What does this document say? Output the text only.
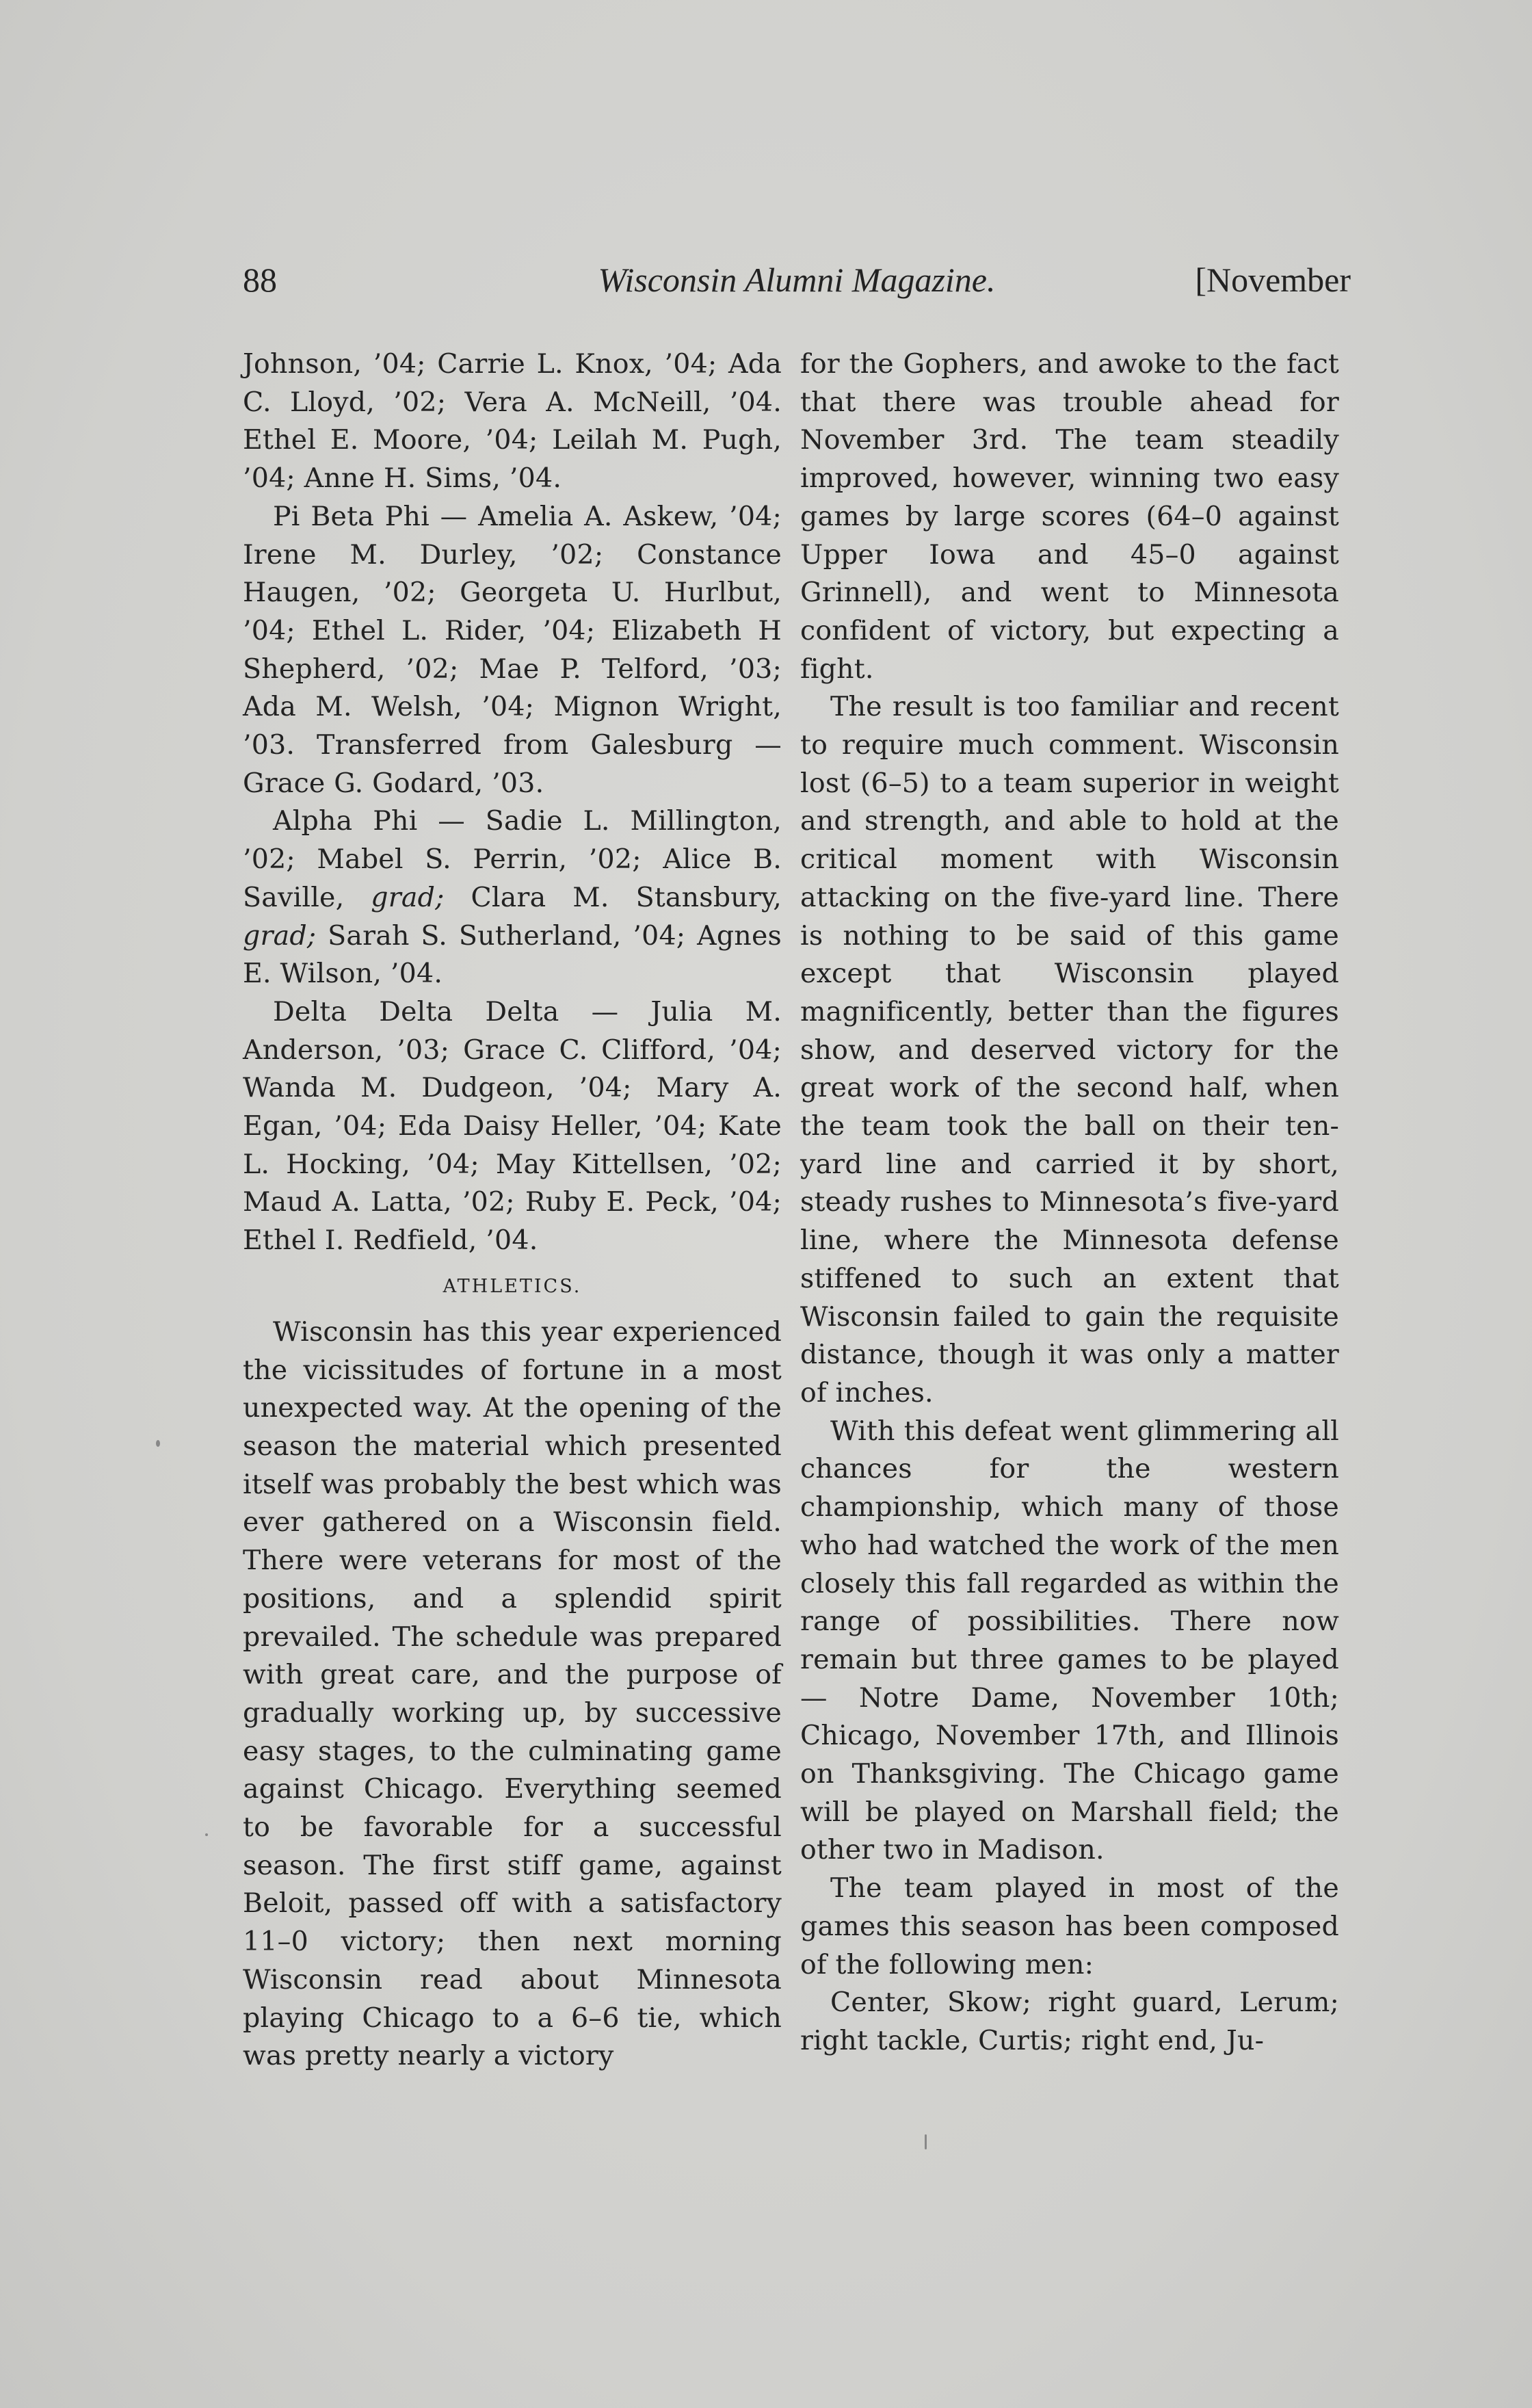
88	Wisconsin Alumni Magazine.	[November

Johnson, ’04; Carrie L. Knox, ’04; Ada C. Lloyd, ’02; Vera A. McNeill, ’04. Ethel E. Moore, ’04; Leilah M. Pugh, ’04; Anne H. Sims, ’04.

Pi Beta Phi — Amelia A. Askew, ’04; Irene M. Durley, ’02; Constance Haugen, ’02; Georgeta U. Hurlbut, ’04; Ethel L. Rider, ’04; Elizabeth H Shepherd, ’02; Mae P. Telford, ’03; Ada M. Welsh, ’04; Mignon Wright, ’03. Transferred from Galesburg — Grace G. Godard, ’03.

Alpha Phi — Sadie L. Millington, ’02; Mabel S. Perrin, ’02; Alice B. Saville, grad; Clara M. Stansbury, grad; Sarah S. Sutherland, ’04; Agnes E. Wilson, ’04.

Delta Delta Delta — Julia M. Anderson, ’03; Grace C. Clifford, ’04; Wanda M. Dudgeon, ’04; Mary A. Egan, ’04; Eda Daisy Heller, ’04; Kate L. Hocking, ’04; May Kittellsen, ’02; Maud A. Latta, ’02; Ruby E. Peck, ’04; Ethel I. Redfield, ’04.

ATHLETICS.

Wisconsin has this year experienced the vicissitudes of fortune in a most unexpected way. At the opening of the season the material which presented itself was probably the best which was ever gathered on a Wisconsin field. There were veterans for most of the positions, and a splendid spirit prevailed. The schedule was prepared with great care, and the purpose of gradually working up, by successive easy stages, to the culminating game against Chicago. Everything seemed to be favorable for a successful season. The first stiff game, against Beloit, passed off with a satisfactory 11–0 victory; then next morning Wisconsin read about Minnesota playing Chicago to a 6–6 tie, which was pretty nearly a victory

for the Gophers, and awoke to the fact that there was trouble ahead for November 3rd. The team steadily improved, however, winning two easy games by large scores (64–0 against Upper Iowa and 45–0 against Grinnell), and went to Minnesota confident of victory, but expecting a fight.

The result is too familiar and recent to require much comment. Wisconsin lost (6–5) to a team superior in weight and strength, and able to hold at the critical moment with Wisconsin attacking on the five-yard line. There is nothing to be said of this game except that Wisconsin played magnificently, better than the figures show, and deserved victory for the great work of the second half, when the team took the ball on their ten-yard line and carried it by short, steady rushes to Minnesota’s five-yard line, where the Minnesota defense stiffened to such an extent that Wisconsin failed to gain the requisite distance, though it was only a matter of inches.

With this defeat went glimmering all chances for the western championship, which many of those who had watched the work of the men closely this fall regarded as within the range of possibilities. There now remain but three games to be played — Notre Dame, November 10th; Chicago, November 17th, and Illinois on Thanksgiving. The Chicago game will be played on Marshall field; the other two in Madison.

The team played in most of the games this season has been composed of the following men:

Center, Skow; right guard, Lerum; right tackle, Curtis; right end, Ju-
